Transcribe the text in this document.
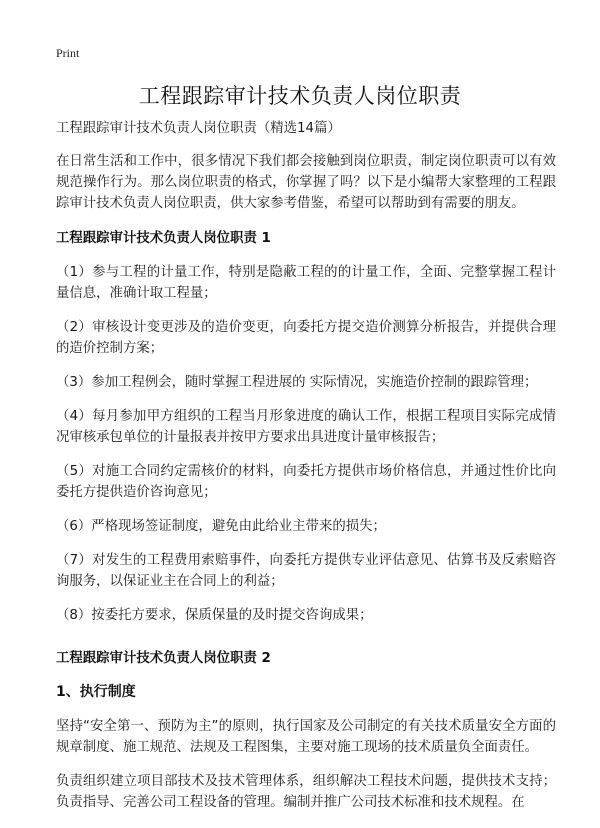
Print
工程跟踪审计技术负责人岗位职责

工程跟踪审计技术负责人岗位职责（精选14篇）

在日常生活和工作中，很多情况下我们都会接触到岗位职责，制定岗位职责可以有效规范操作行为。那么岗位职责的格式，你掌握了吗？以下是小编帮大家整理的工程跟踪审计技术负责人岗位职责，供大家参考借鉴，希望可以帮助到有需要的朋友。

工程跟踪审计技术负责人岗位职责 1

（1）参与工程的计量工作，特别是隐蔽工程的的计量工作，全面、完整掌握工程计量信息，准确计取工程量；

（2）审核设计变更涉及的造价变更，向委托方提交造价测算分析报告，并提供合理的造价控制方案；

（3）参加工程例会，随时掌握工程进展的 实际情况，实施造价控制的跟踪管理；

（4）每月参加甲方组织的工程当月形象进度的确认工作，根据工程项目实际完成情况审核承包单位的计量报表并按甲方要求出具进度计量审核报告；

（5）对施工合同约定需核价的材料，向委托方提供市场价格信息，并通过性价比向委托方提供造价咨询意见；

（6）严格现场签证制度，避免由此给业主带来的损失；

（7）对发生的工程费用索赔事件，向委托方提供专业评估意见、估算书及反索赔咨询服务，以保证业主在合同上的利益；

（8）按委托方要求，保质保量的及时提交咨询成果；

工程跟踪审计技术负责人岗位职责 2
1、执行制度

坚持“安全第一、预防为主”的原则，执行国家及公司制定的有关技术质量安全方面的规章制度、施工规范、法规及工程图集，主要对施工现场的技术质量负全面责任。

负责组织建立项目部技术及技术管理体系，组织解决工程技术问题，提供技术支持；负责指导、完善公司工程设备的管理。编制并推广公司技术标准和技术规程。在
